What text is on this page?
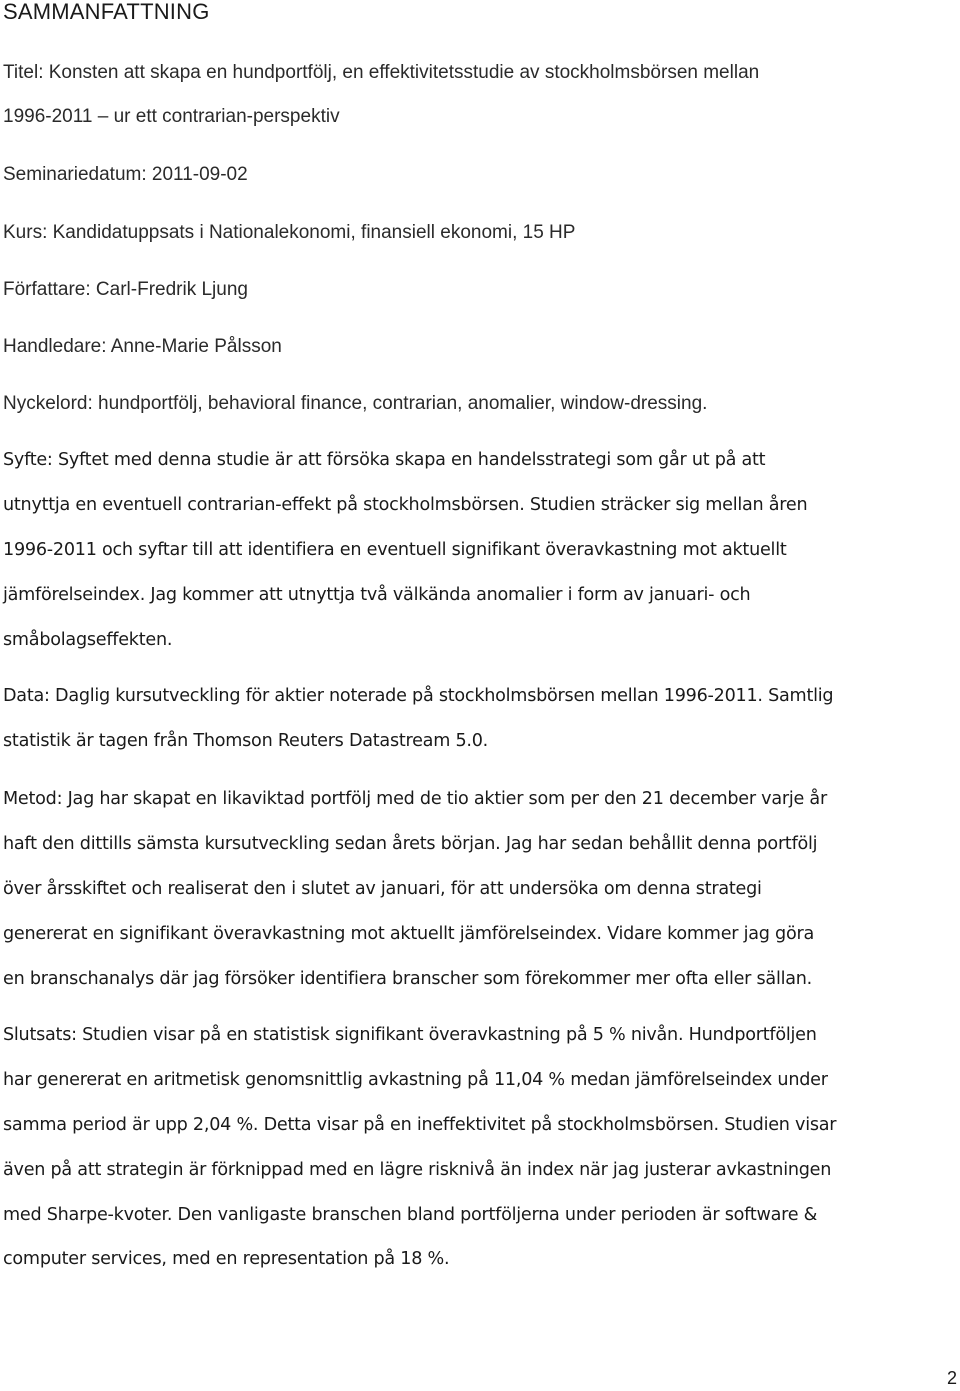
SAMMANFATTNING

Titel: Konsten att skapa en hundportfölj, en effektivitetsstudie av stockholmsbörsen mellan

1996-2011 – ur ett contrarian-perspektiv

Seminariedatum: 2011-09-02

Kurs: Kandidatuppsats i Nationalekonomi, finansiell ekonomi, 15 HP

Författare: Carl-Fredrik Ljung

Handledare: Anne-Marie Pålsson

Nyckelord: hundportfölj, behavioral finance, contrarian, anomalier, window-dressing.

Syfte: Syftet med denna studie är att försöka skapa en handelsstrategi som går ut på att

utnyttja en eventuell contrarian-effekt på stockholmsbörsen. Studien sträcker sig mellan åren

1996-2011 och syftar till att identifiera en eventuell signifikant överavkastning mot aktuellt

jämförelseindex. Jag kommer att utnyttja två välkända anomalier i form av januari- och

småbolagseffekten.

Data: Daglig kursutveckling för aktier noterade på stockholmsbörsen mellan 1996-2011. Samtlig

statistik är tagen från Thomson Reuters Datastream 5.0.

Metod: Jag har skapat en likaviktad portfölj med de tio aktier som per den 21 december varje år

haft den dittills sämsta kursutveckling sedan årets början. Jag har sedan behållit denna portfölj

över årsskiftet och realiserat den i slutet av januari, för att undersöka om denna strategi

genererat en signifikant överavkastning mot aktuellt jämförelseindex. Vidare kommer jag göra

en branschanalys där jag försöker identifiera branscher som förekommer mer ofta eller sällan.

Slutsats: Studien visar på en statistisk signifikant överavkastning på 5 % nivån. Hundportföljen

har genererat en aritmetisk genomsnittlig avkastning på 11,04 % medan jämförelseindex under

samma period är upp 2,04 %. Detta visar på en ineffektivitet på stockholmsbörsen. Studien visar

även på att strategin är förknippad med en lägre risknivå än index när jag justerar avkastningen

med Sharpe-kvoter. Den vanligaste branschen bland portföljerna under perioden är software &

computer services, med en representation på 18 %.

2
